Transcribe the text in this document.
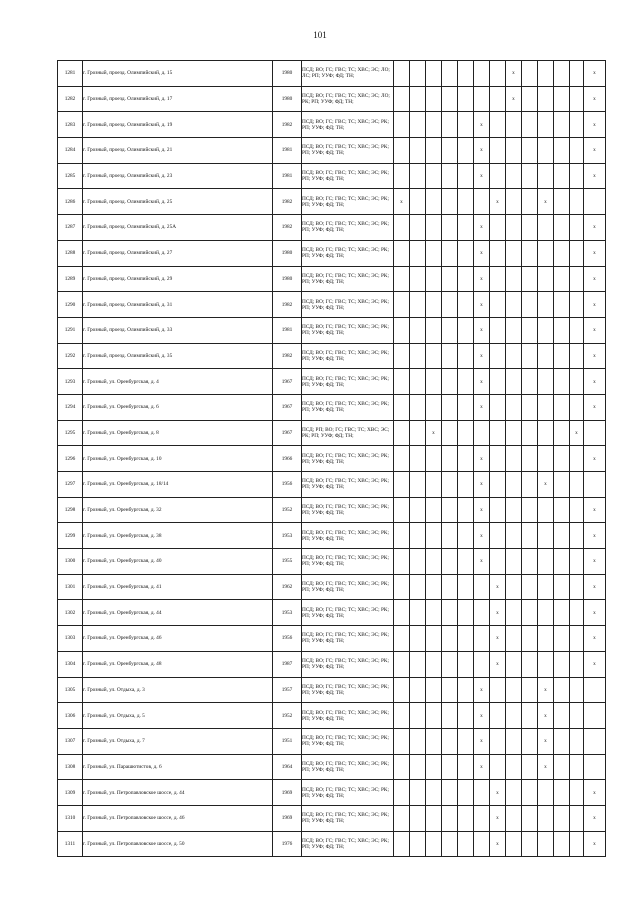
101
1281	г. Грозный, проезд. Олимпийский, д. 15	1980	ПСД; ВО; ГС; ГВС; ТС; ХВС; ЭС; ЛО; ЛС; РП; УУФ; ФД; ТН;								x					x
1282	г. Грозный, проезд. Олимпийский, д. 17	1980	ПСД; ВО; ГС; ГВС; ТС; ХВС; ЭС; ЛО; РК; РП; УУФ; ФД; ТН;								x					x
1283	г. Грозный, проезд. Олимпийский, д. 19	1982	ПСД; ВО; ГС; ГВС; ТС; ХВС; ЭС; РК; РП; УУФ; ФД; ТН;						x							x
1284	г. Грозный, проезд. Олимпийский, д. 21	1981	ПСД; ВО; ГС; ГВС; ТС; ХВС; ЭС; РК; РП; УУФ; ФД; ТН;						x							x
1285	г. Грозный, проезд. Олимпийский, д. 23	1981	ПСД; ВО; ГС; ГВС; ТС; ХВС; ЭС; РК; РП; УУФ; ФД; ТН;						x							x
1286	г. Грозный, проезд. Олимпийский, д. 25	1982	ПСД; ВО; ГС; ГВС; ТС; ХВС; ЭС; РК; РП; УУФ; ФД; ТН;	x						x			x			
1287	г. Грозный, проезд. Олимпийский, д. 25А	1982	ПСД; ВО; ГС; ГВС; ТС; ХВС; ЭС; РК; РП; УУФ; ФД; ТН;						x							x
1288	г. Грозный, проезд. Олимпийский, д. 27	1980	ПСД; ВО; ГС; ГВС; ТС; ХВС; ЭС; РК; РП; УУФ; ФД; ТН;						x							x
1289	г. Грозный, проезд. Олимпийский, д. 29	1980	ПСД; ВО; ГС; ГВС; ТС; ХВС; ЭС; РК; РП; УУФ; ФД; ТН;						x							x
1290	г. Грозный, проезд. Олимпийский, д. 31	1982	ПСД; ВО; ГС; ГВС; ТС; ХВС; ЭС; РК; РП; УУФ; ФД; ТН;						x							x
1291	г. Грозный, проезд. Олимпийский, д. 33	1981	ПСД; ВО; ГС; ГВС; ТС; ХВС; ЭС; РК; РП; УУФ; ФД; ТН;						x							x
1292	г. Грозный, проезд. Олимпийский, д. 35	1982	ПСД; ВО; ГС; ГВС; ТС; ХВС; ЭС; РК; РП; УУФ; ФД; ТН;						x							x
1293	г. Грозный, ул. Оренбургская, д. 4	1967	ПСД; ВО; ГС; ГВС; ТС; ХВС; ЭС; РК; РП; УУФ; ФД; ТН;						x							x
1294	г. Грозный, ул. Оренбургская, д. 6	1967	ПСД; ВО; ГС; ГВС; ТС; ХВС; ЭС; РК; РП; УУФ; ФД; ТН;						x							x
1295	г. Грозный, ул. Оренбургская, д. 8	1967	ПСД; РП; ВО; ГС; ГВС; ТС; ХВС; ЭС; РК; РП; УУФ; ФД; ТН;			x									x	
1296	г. Грозный, ул. Оренбургская, д. 10	1966	ПСД; ВО; ГС; ГВС; ТС; ХВС; ЭС; РК; РП; УУФ; ФД; ТН;						x							x
1297	г. Грозный, ул. Оренбургская, д. 18/14	1956	ПСД; ВО; ГС; ГВС; ТС; ХВС; ЭС; РК; РП; УУФ; ФД; ТН;						x				x			
1298	г. Грозный, ул. Оренбургская, д. 32	1952	ПСД; ВО; ГС; ГВС; ТС; ХВС; ЭС; РК; РП; УУФ; ФД; ТН;						x							x
1299	г. Грозный, ул. Оренбургская, д. 38	1953	ПСД; ВО; ГС; ГВС; ТС; ХВС; ЭС; РК; РП; УУФ; ФД; ТН;						x							x
1300	г. Грозный, ул. Оренбургская, д. 40	1955	ПСД; ВО; ГС; ГВС; ТС; ХВС; ЭС; РК; РП; УУФ; ФД; ТН;						x							x
1301	г. Грозный, ул. Оренбургская, д. 41	1962	ПСД; ВО; ГС; ГВС; ТС; ХВС; ЭС; РК; РП; УУФ; ФД; ТН;							x						x
1302	г. Грозный, ул. Оренбургская, д. 44	1953	ПСД; ВО; ГС; ГВС; ТС; ХВС; ЭС; РК; РП; УУФ; ФД; ТН;							x						x
1303	г. Грозный, ул. Оренбургская, д. 46	1956	ПСД; ВО; ГС; ГВС; ТС; ХВС; ЭС; РК; РП; УУФ; ФД; ТН;							x						x
1304	г. Грозный, ул. Оренбургская, д. 48	1987	ПСД; ВО; ГС; ГВС; ТС; ХВС; ЭС; РК; РП; УУФ; ФД; ТН;							x						x
1305	г. Грозный, ул. Отдыха, д. 3	1957	ПСД; ВО; ГС; ГВС; ТС; ХВС; ЭС; РК; РП; УУФ; ФД; ТН;						x				x			
1306	г. Грозный, ул. Отдыха, д. 5	1952	ПСД; ВО; ГС; ГВС; ТС; ХВС; ЭС; РК; РП; УУФ; ФД; ТН;						x				x			
1307	г. Грозный, ул. Отдыха, д. 7	1951	ПСД; ВО; ГС; ГВС; ТС; ХВС; ЭС; РК; РП; УУФ; ФД; ТН;						x				x			
1308	г. Грозный, ул. Парашютистов, д. 6	1964	ПСД; ВО; ГС; ГВС; ТС; ХВС; ЭС; РК; РП; УУФ; ФД; ТН;						x				x			
1309	г. Грозный, ул. Петропавловское шоссе, д. 44	1969	ПСД; ВО; ГС; ГВС; ТС; ХВС; ЭС; РК; РП; УУФ; ФД; ТН;							x						x
1310	г. Грозный, ул. Петропавловское шоссе, д. 46	1969	ПСД; ВО; ГС; ГВС; ТС; ХВС; ЭС; РК; РП; УУФ; ФД; ТН;							x						x
1311	г. Грозный, ул. Петропавловское шоссе, д. 50	1976	ПСД; ВО; ГС; ГВС; ТС; ХВС; ЭС; РК; РП; УУФ; ФД; ТН;							x						x
